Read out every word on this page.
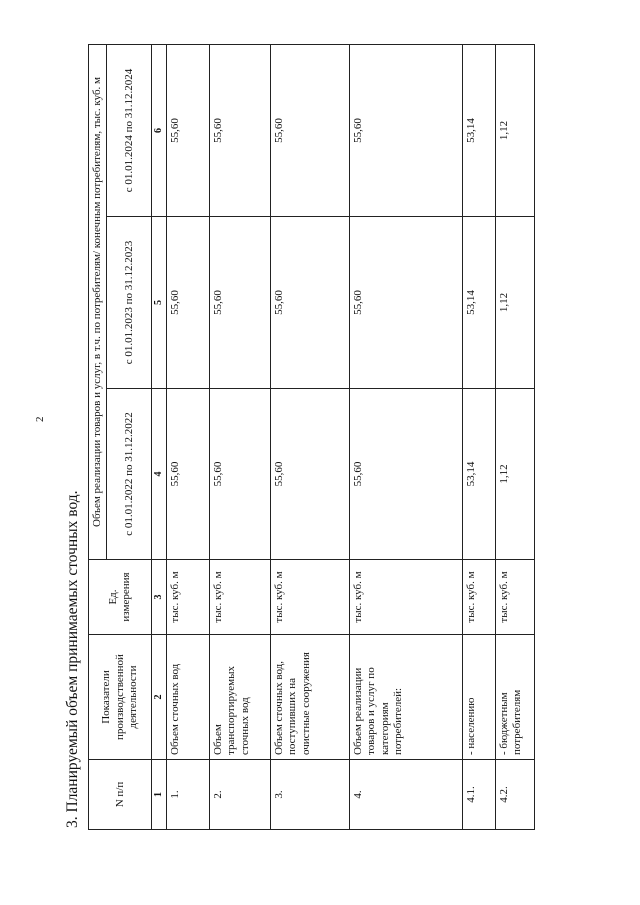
2
3. Планируемый объем принимаемых сточных вод.	N п/п	Показатели производственной деятельности	Ед. измерения	Объем реализации товаров и услуг, в т.ч. по потребителям/ конечным потребителям, тыс. куб. м		
			с 01.01.2022 по 31.12.2022	с 01.01.2023 по 31.12.2023	с 01.01.2024 по 31.12.2024
1	2	3	4	5	6
1.	Объем сточных вод	тыс. куб. м	55,60	55,60	55,60
2.	Объем транспортируемых сточных вод	тыс. куб. м	55,60	55,60	55,60
3.	Объем сточных вод, поступивших на очистные сооружения	тыс. куб. м	55,60	55,60	55,60
4.	Объем реализации товаров и услуг по категориям потребителей:	тыс. куб. м	55,60	55,60	55,60
4.1.	- населению	тыс. куб. м	53,14	53,14	53,14
4.2.	- бюджетным потребителям	тыс. куб. м	1,12	1,12	1,12
